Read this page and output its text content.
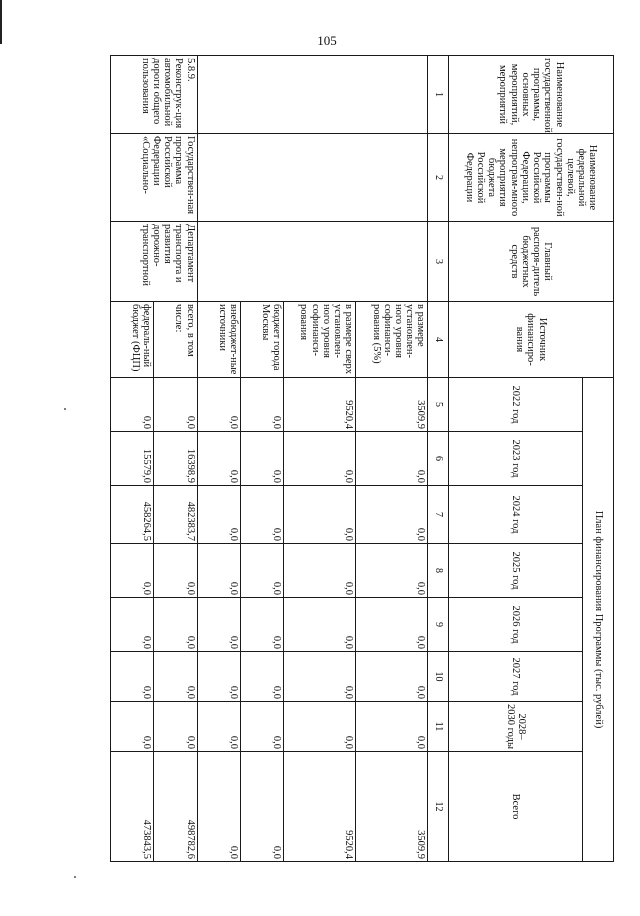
105
Наименование государственной программы, основных мероприятий, мероприятий	Наименование федеральной целевой, государствен-ной программы Российской Федерации, непрограм-много мероприятия бюджета Российской Федерации	Главный распоря-дитель бюджетных средств	Источник финансиро-вания	План финансирования Программы (тыс. рублей)							
				2022 год	2023 год	2024 год	2025 год	2026 год	2027 год	2028–2030 годы	Всего
1	2	3	4	5	6	7	8	9	10	11	12
			в размере установлен-ного уровня софинанси-рования (5%)	3509,9	0,0	0,0	0,0	0,0	0,0	0,0	3509,9
			в размере сверх установлен-ного уровня софинанси-рования	9520,4	0,0	0,0	0,0	0,0	0,0	0,0	9520,4
			бюджет города Москвы	0,0	0,0	0,0	0,0	0,0	0,0	0,0	0,0
			внебюджет-ные источники	0,0	0,0	0,0	0,0	0,0	0,0	0,0	0,0
5.8.9. Реконструк-ция автомобильной дороги общего пользования	Государствен-ная программа Российской Федерации «Социально-	Департамент транспорта и развития дорожно-транспортной	всего, в том числе:	0,0	16398,9	482383,7	0,0	0,0	0,0	0,0	498782,6
			федераль-ный бюджет (ФЦП)	0,0	15579,0	458264,5	0,0	0,0	0,0	0,0	473843,5
